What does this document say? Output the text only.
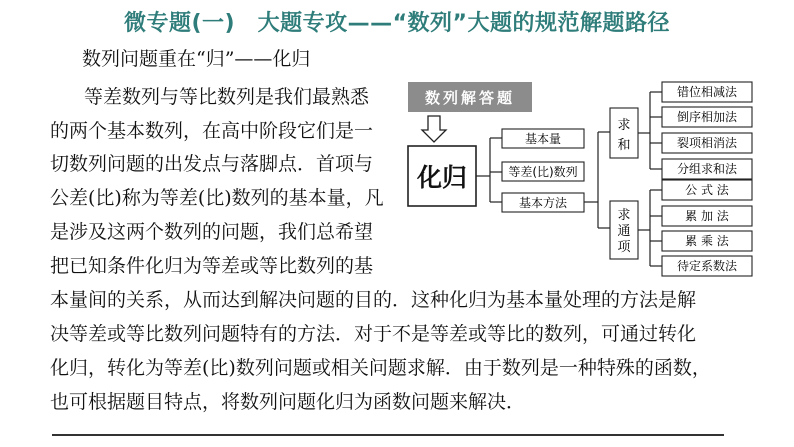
微专题(一)　大题专攻——“数列”大题的规范解题路径
数列问题重在“归”——化归
等差数列与等比数列是我们最熟悉
的两个基本数列，在高中阶段它们是一
切数列问题的出发点与落脚点．首项与
公差(比)称为等差(比)数列的基本量，凡
是涉及这两个数列的问题，我们总希望
把已知条件化归为等差或等比数列的基
本量间的关系，从而达到解决问题的目的．这种化归为基本量处理的方法是解
决等差或等比数列问题特有的方法．对于不是等差或等比的数列，可通过转化
化归，转化为等差(比)数列问题或相关问题求解．由于数列是一种特殊的函数，
也可根据题目特点，将数列问题化归为函数问题来解决．
数列解答题
化归
基本量
等差(比)数列
基本方法
求
和
求
通
项
错位相减法
倒序相加法
裂项相消法
分组求和法
公 式 法
累 加 法
累 乘 法
待定系数法
